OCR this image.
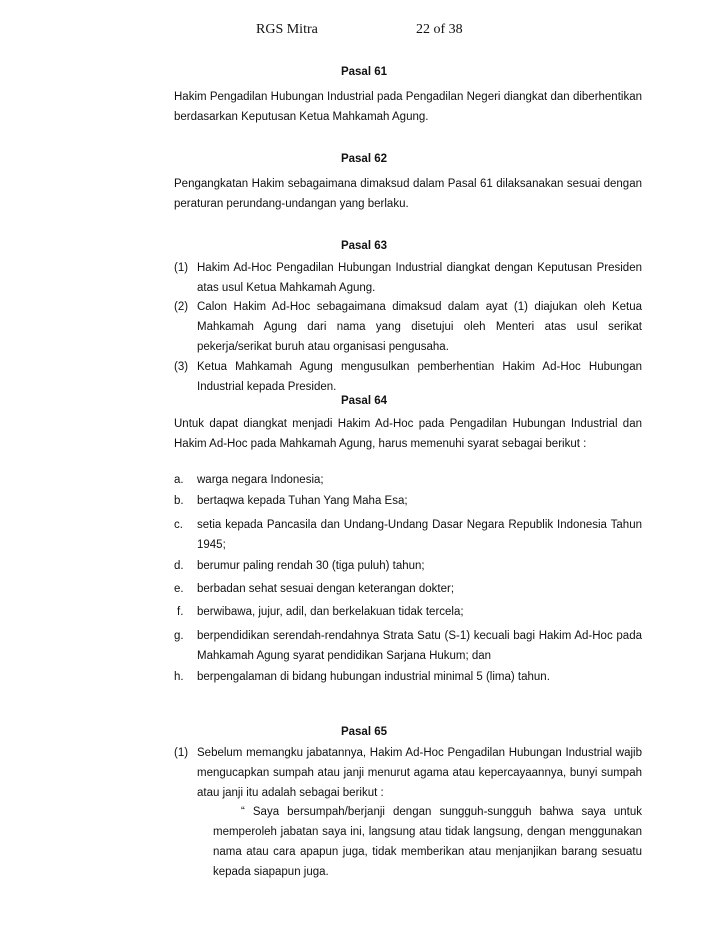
RGS Mitra	22 of 38
Pasal 61
Hakim Pengadilan Hubungan Industrial pada Pengadilan Negeri diangkat dan diberhentikan berdasarkan Keputusan Ketua Mahkamah Agung.
Pasal 62
Pengangkatan Hakim sebagaimana dimaksud dalam Pasal 61 dilaksanakan sesuai dengan peraturan perundang-undangan yang berlaku.
Pasal 63
(1) Hakim Ad-Hoc Pengadilan Hubungan Industrial diangkat dengan Keputusan Presiden atas usul Ketua Mahkamah Agung.
(2) Calon Hakim Ad-Hoc sebagaimana dimaksud dalam ayat (1) diajukan oleh Ketua Mahkamah Agung dari nama yang disetujui oleh Menteri atas usul serikat pekerja/serikat buruh atau organisasi pengusaha.
(3) Ketua Mahkamah Agung mengusulkan pemberhentian Hakim Ad-Hoc Hubungan Industrial kepada Presiden.
Pasal 64
Untuk dapat diangkat menjadi Hakim Ad-Hoc pada Pengadilan Hubungan Industrial dan Hakim Ad-Hoc pada Mahkamah Agung, harus memenuhi syarat sebagai berikut :
a. warga negara Indonesia;
b. bertaqwa kepada Tuhan Yang Maha Esa;
c. setia kepada Pancasila dan Undang-Undang Dasar Negara Republik Indonesia Tahun 1945;
d. berumur paling rendah 30 (tiga puluh) tahun;
e. berbadan sehat sesuai dengan keterangan dokter;
f. berwibawa, jujur, adil, dan berkelakuan tidak tercela;
g. berpendidikan serendah-rendahnya Strata Satu (S-1) kecuali bagi Hakim Ad-Hoc pada Mahkamah Agung syarat pendidikan Sarjana Hukum; dan
h. berpengalaman di bidang hubungan industrial minimal 5 (lima) tahun.
Pasal 65
(1) Sebelum memangku jabatannya, Hakim Ad-Hoc Pengadilan Hubungan Industrial wajib mengucapkan sumpah atau janji menurut agama atau kepercayaannya, bunyi sumpah atau janji itu adalah sebagai berikut :
“ Saya bersumpah/berjanji dengan sungguh-sungguh bahwa saya untuk memperoleh jabatan saya ini, langsung atau tidak langsung, dengan menggunakan nama atau cara apapun juga, tidak memberikan atau menjanjikan barang sesuatu kepada siapapun juga.
